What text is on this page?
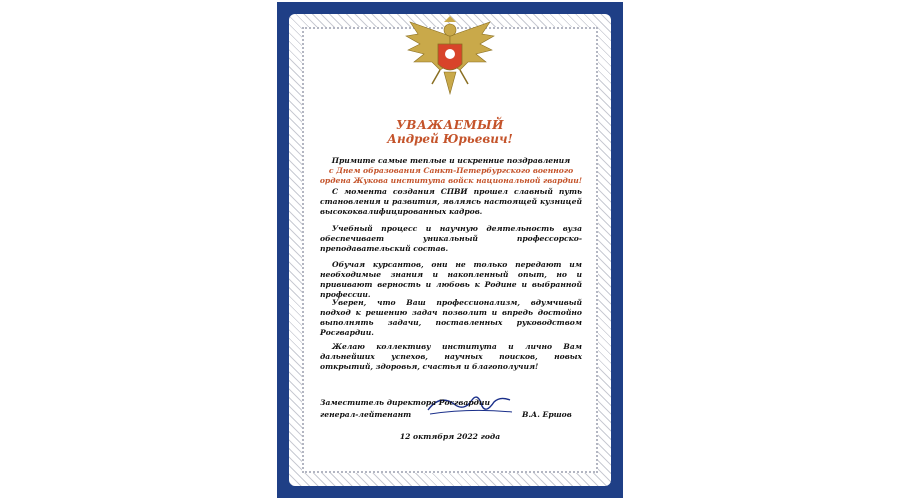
УВАЖАЕМЫЙ
Андрей Юрьевич!
Примите самые теплые и искренние поздравления
с Днем образования Санкт-Петербургского военного
ордена Жукова института войск национальной гвардии!
С момента создания СПВИ прошел славный путь становления и развития, являясь настоящей кузницей высококвалифицированных кадров.
Учебный процесс и научную деятельность вуза обеспечивает уникальный профессорско-преподавательский состав.
Обучая курсантов, они не только передают им необходимые знания и накопленный опыт, но и прививают верность и любовь к Родине и выбранной профессии.
Уверен, что Ваш профессионализм, вдумчивый подход к решению задач позволит и впредь достойно выполнять задачи, поставленных руководством Росгвардии.
Желаю коллективу института и лично Вам дальнейших успехов, научных поисков, новых открытий, здоровья, счастья и благополучия!
Заместитель директора Росгвардии
генерал-лейтенант	В.А. Ершов
12 октября 2022 года
